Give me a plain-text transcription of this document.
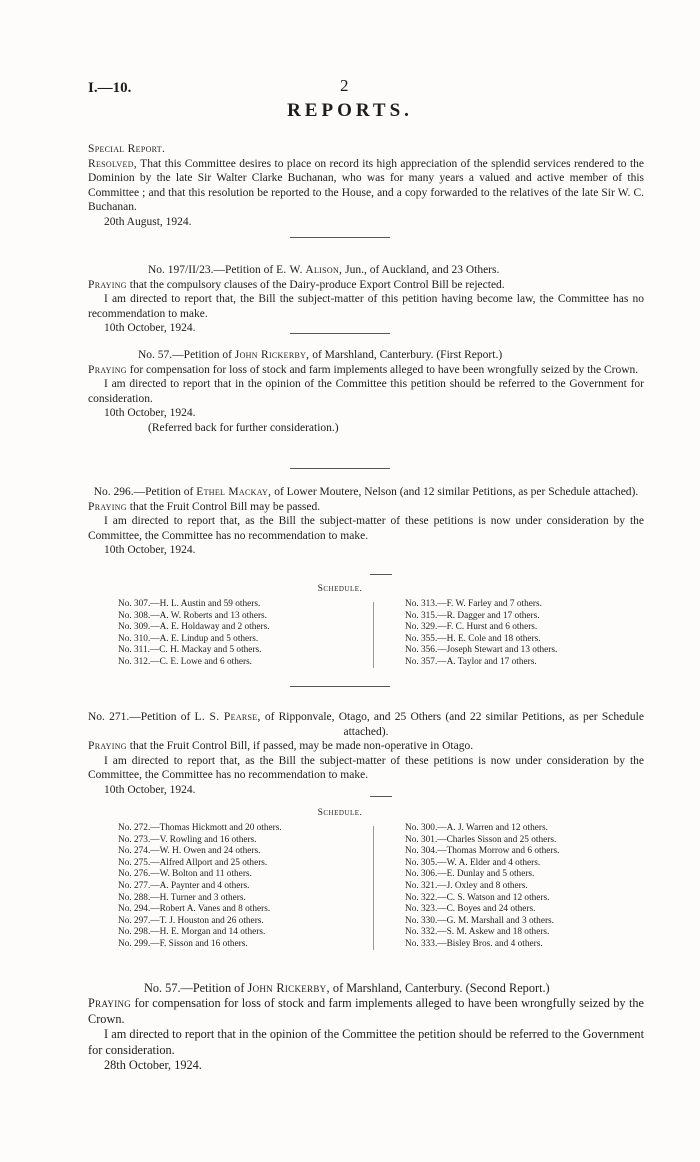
I.—10.	2
REPORTS.

Special Report.

Resolved, That this Committee desires to place on record its high appreciation of the splendid services rendered to the Dominion by the late Sir Walter Clarke Buchanan, who was for many years a valued and active member of this Committee ; and that this resolution be reported to the House, and a copy forwarded to the relatives of the late Sir W. C. Buchanan.

20th August, 1924.

No. 197/II/23.—Petition of E. W. Alison, Jun., of Auckland, and 23 Others.

Praying that the compulsory clauses of the Dairy-produce Export Control Bill be rejected.

I am directed to report that, the Bill the subject-matter of this petition having become law, the Committee has no recommendation to make.

10th October, 1924.

No. 57.—Petition of John Rickerby, of Marshland, Canterbury. (First Report.)

Praying for compensation for loss of stock and farm implements alleged to have been wrongfully seized by the Crown.

I am directed to report that in the opinion of the Committee this petition should be referred to the Government for consideration.

10th October, 1924.

(Referred back for further consideration.)

No. 296.—Petition of Ethel Mackay, of Lower Moutere, Nelson (and 12 similar Petitions, as per Schedule attached).

Praying that the Fruit Control Bill may be passed.

I am directed to report that, as the Bill the subject-matter of these petitions is now under consideration by the Committee, the Committee has no recommendation to make.

10th October, 1924.

Schedule.
No. 307.—H. L. Austin and 59 others.
No. 308.—A. W. Roberts and 13 others.
No. 309.—A. E. Holdaway and 2 others.
No. 310.—A. E. Lindup and 5 others.
No. 311.—C. H. Mackay and 5 others.
No. 312.—C. E. Lowe and 6 others.
No. 313.—F. W. Farley and 7 others.
No. 315.—R. Dagger and 17 others.
No. 329.—F. C. Hurst and 6 others.
No. 355.—H. E. Cole and 18 others.
No. 356.—Joseph Stewart and 13 others.
No. 357.—A. Taylor and 17 others.

No. 271.—Petition of L. S. Pearse, of Ripponvale, Otago, and 25 Others (and 22 similar Petitions, as per Schedule attached).

Praying that the Fruit Control Bill, if passed, may be made non-operative in Otago.

I am directed to report that, as the Bill the subject-matter of these petitions is now under consideration by the Committee, the Committee has no recommendation to make.

10th October, 1924.

Schedule.
No. 272.—Thomas Hickmott and 20 others.
No. 273.—V. Rowling and 16 others.
No. 274.—W. H. Owen and 24 others.
No. 275.—Alfred Allport and 25 others.
No. 276.—W. Bolton and 11 others.
No. 277.—A. Paynter and 4 others.
No. 288.—H. Turner and 3 others.
No. 294.—Robert A. Vanes and 8 others.
No. 297.—T. J. Houston and 26 others.
No. 298.—H. E. Morgan and 14 others.
No. 299.—F. Sisson and 16 others.
No. 300.—A. J. Warren and 12 others.
No. 301.—Charles Sisson and 25 others.
No. 304.—Thomas Morrow and 6 others.
No. 305.—W. A. Elder and 4 others.
No. 306.—E. Dunlay and 5 others.
No. 321.—J. Oxley and 8 others.
No. 322.—C. S. Watson and 12 others.
No. 323.—C. Boyes and 24 others.
No. 330.—G. M. Marshall and 3 others.
No. 332.—S. M. Askew and 18 others.
No. 333.—Bisley Bros. and 4 others.

No. 57.—Petition of John Rickerby, of Marshland, Canterbury. (Second Report.)

Praying for compensation for loss of stock and farm implements alleged to have been wrongfully seized by the Crown.

I am directed to report that in the opinion of the Committee the petition should be referred to the Government for consideration.

28th October, 1924.
